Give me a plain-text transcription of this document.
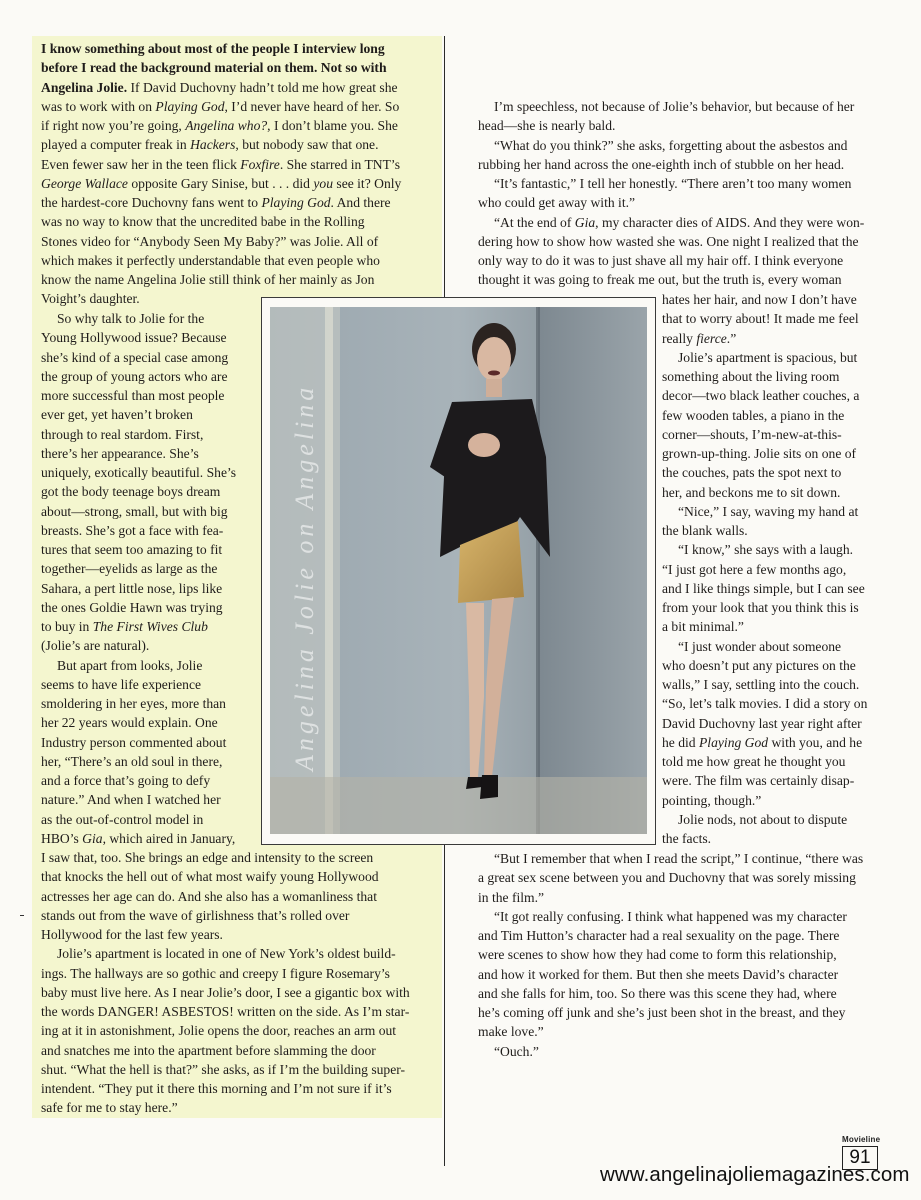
I know something about most of the people I interview long

before I read the background material on them. Not so with

Angelina Jolie. If David Duchovny hadn’t told me how great she

was to work with on Playing God, I’d never have heard of her. So

if right now you’re going, Angelina who?, I don’t blame you. She

played a computer freak in Hackers, but nobody saw that one.

Even fewer saw her in the teen flick Foxfire. She starred in TNT’s

George Wallace opposite Gary Sinise, but . . . did you see it? Only

the hardest-core Duchovny fans went to Playing God. And there

was no way to know that the uncredited babe in the Rolling

Stones video for “Anybody Seen My Baby?” was Jolie. All of

which makes it perfectly understandable that even people who

know the name Angelina Jolie still think of her mainly as Jon

Voight’s daughter.

So why talk to Jolie for the

Young Hollywood issue? Because

she’s kind of a special case among

the group of young actors who are

more successful than most people

ever get, yet haven’t broken

through to real stardom. First,

there’s her appearance. She’s

uniquely, exotically beautiful. She’s

got the body teenage boys dream

about—strong, small, but with big

breasts. She’s got a face with fea-

tures that seem too amazing to fit

together—eyelids as large as the

Sahara, a pert little nose, lips like

the ones Goldie Hawn was trying

to buy in The First Wives Club

(Jolie’s are natural).

But apart from looks, Jolie

seems to have life experience

smoldering in her eyes, more than

her 22 years would explain. One

Industry person commented about

her, “There’s an old soul in there,

and a force that’s going to defy

nature.” And when I watched her

as the out-of-control model in

HBO’s Gia, which aired in January,

I saw that, too. She brings an edge and intensity to the screen

that knocks the hell out of what most waify young Hollywood

actresses her age can do. And she also has a womanliness that

stands out from the wave of girlishness that’s rolled over

Hollywood for the last few years.

Jolie’s apartment is located in one of New York’s oldest build-

ings. The hallways are so gothic and creepy I figure Rosemary’s

baby must live here. As I near Jolie’s door, I see a gigantic box with

the words DANGER! ASBESTOS! written on the side. As I’m star-

ing at it in astonishment, Jolie opens the door, reaches an arm out

and snatches me into the apartment before slamming the door

shut. “What the hell is that?” she asks, as if I’m the building super-

intendent. “They put it there this morning and I’m not sure if it’s

safe for me to stay here.”

I’m speechless, not because of Jolie’s behavior, but because of her

head—she is nearly bald.

“What do you think?” she asks, forgetting about the asbestos and

rubbing her hand across the one-eighth inch of stubble on her head.

“It’s fantastic,” I tell her honestly. “There aren’t too many women

who could get away with it.”

“At the end of Gia, my character dies of AIDS. And they were won-

dering how to show how wasted she was. One night I realized that the

only way to do it was to just shave all my hair off. I think everyone

thought it was going to freak me out, but the truth is, every woman

hates her hair, and now I don’t have

that to worry about! It made me feel

really fierce.”

Jolie’s apartment is spacious, but

something about the living room

decor—two black leather couches, a

few wooden tables, a piano in the

corner—shouts, I’m-new-at-this-

grown-up-thing. Jolie sits on one of

the couches, pats the spot next to

her, and beckons me to sit down.

“Nice,” I say, waving my hand at

the blank walls.

“I know,” she says with a laugh.

“I just got here a few months ago,

and I like things simple, but I can see

from your look that you think this is

a bit minimal.”

“I just wonder about someone

who doesn’t put any pictures on the

walls,” I say, settling into the couch.

“So, let’s talk movies. I did a story on

David Duchovny last year right after

he did Playing God with you, and he

told me how great he thought you

were. The film was certainly disap-

pointing, though.”

Jolie nods, not about to dispute

the facts.

“But I remember that when I read the script,” I continue, “there was

a great sex scene between you and Duchovny that was sorely missing

in the film.”

“It got really confusing. I think what happened was my character

and Tim Hutton’s character had a real sexuality on the page. There

were scenes to show how they had come to form this relationship,

and how it worked for them. But then she meets David’s character

and she falls for him, too. So there was this scene they had, where

he’s coming off junk and she’s just been shot in the breast, and they

make love.”

“Ouch.”

Angelina Jolie on Angelina
Movieline
91
www.angelinajoliemagazines.com
